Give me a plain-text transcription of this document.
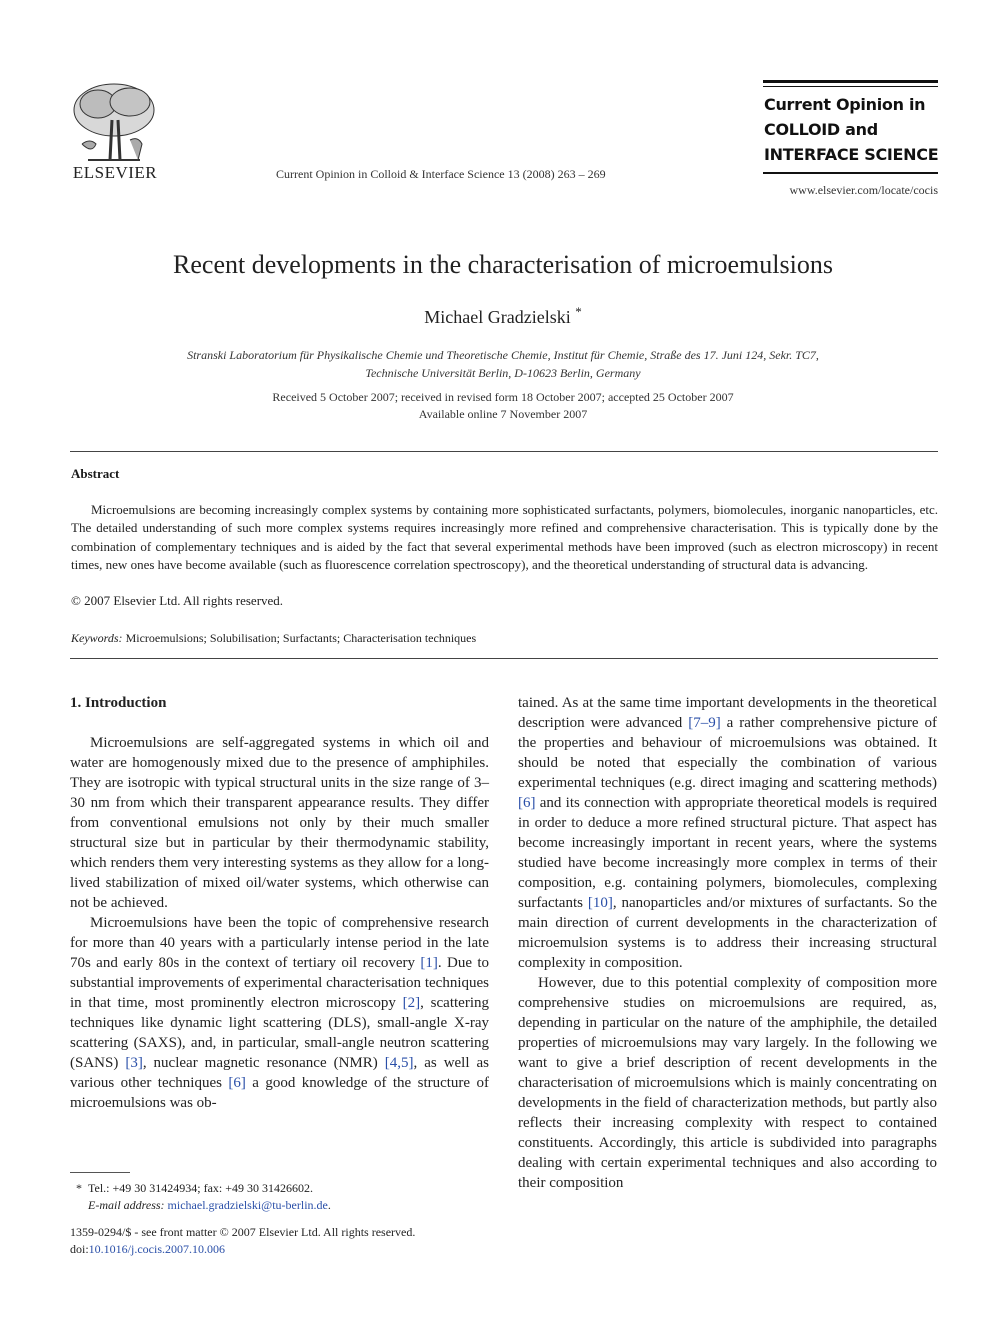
ELSEVIER	Current Opinion in Colloid & Interface Science 13 (2008) 263 – 269
Current Opinion in
COLLOID and
INTERFACE SCIENCE
www.elsevier.com/locate/cocis
Recent developments in the characterisation of microemulsions
Michael Gradzielski *
Stranski Laboratorium für Physikalische Chemie und Theoretische Chemie, Institut für Chemie, Straße des 17. Juni 124, Sekr. TC7,
Technische Universität Berlin, D-10623 Berlin, Germany
Received 5 October 2007; received in revised form 18 October 2007; accepted 25 October 2007
Available online 7 November 2007
Abstract

Microemulsions are becoming increasingly complex systems by containing more sophisticated surfactants, polymers, biomolecules, inorganic nanoparticles, etc. The detailed understanding of such more complex systems requires increasingly more refined and comprehensive characterisation. This is typically done by the combination of complementary techniques and is aided by the fact that several experimental methods have been improved (such as electron microscopy) in recent times, new ones have become available (such as fluorescence correlation spectroscopy), and the theoretical understanding of structural data is advancing.

© 2007 Elsevier Ltd. All rights reserved.
Keywords: Microemulsions; Solubilisation; Surfactants; Characterisation techniques

1. Introduction

Microemulsions are self-aggregated systems in which oil and water are homogenously mixed due to the presence of amphiphiles. They are isotropic with typical structural units in the size range of 3–30 nm from which their transparent appearance results. They differ from conventional emulsions not only by their much smaller structural size but in particular by their thermodynamic stability, which renders them very interesting systems as they allow for a long-lived stabilization of mixed oil/water systems, which otherwise can not be achieved.

Microemulsions have been the topic of comprehensive research for more than 40 years with a particularly intense period in the late 70s and early 80s in the context of tertiary oil recovery [1]. Due to substantial improvements of experimental characterisation techniques in that time, most prominently electron microscopy [2], scattering techniques like dynamic light scattering (DLS), small-angle X-ray scattering (SAXS), and, in particular, small-angle neutron scattering (SANS) [3], nuclear magnetic resonance (NMR) [4,5], as well as various other techniques [6] a good knowledge of the structure of microemulsions was ob-

tained. As at the same time important developments in the theoretical description were advanced [7–9] a rather comprehensive picture of the properties and behaviour of microemulsions was obtained. It should be noted that especially the combination of various experimental techniques (e.g. direct imaging and scattering methods) [6] and its connection with appropriate theoretical models is required in order to deduce a more refined structural picture. That aspect has become increasingly important in recent years, where the systems studied have become increasingly more complex in terms of their composition, e.g. containing polymers, biomolecules, complexing surfactants [10], nanoparticles and/or mixtures of surfactants. So the main direction of current developments in the characterization of microemulsion systems is to address their increasing structural complexity in composition.

However, due to this potential complexity of composition more comprehensive studies on microemulsions are required, as, depending in particular on the nature of the amphiphile, the detailed properties of microemulsions may vary largely. In the following we want to give a brief description of recent developments in the characterisation of microemulsions which is mainly concentrating on developments in the field of characterization methods, but partly also reflects their increasing complexity with respect to contained constituents. Accordingly, this article is subdivided into paragraphs dealing with certain experimental techniques and also according to their composition

* Tel.: +49 30 31424934; fax: +49 30 31426602.
E-mail address: michael.gradzielski@tu-berlin.de.
1359-0294/$ - see front matter © 2007 Elsevier Ltd. All rights reserved.
doi:10.1016/j.cocis.2007.10.006
